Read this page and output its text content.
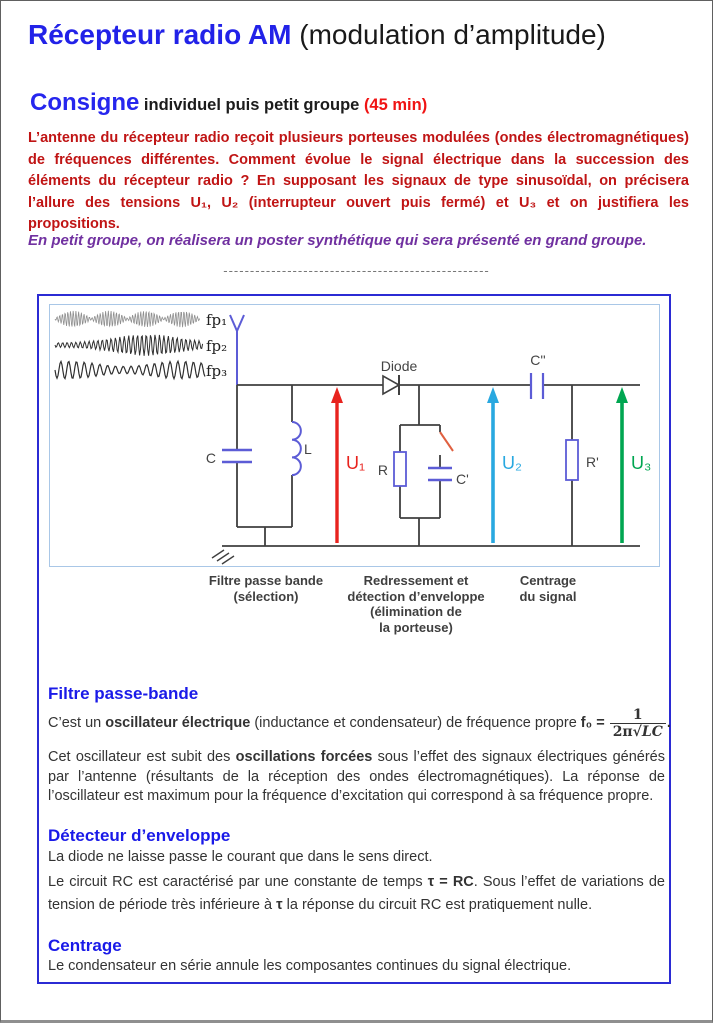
Récepteur radio AM (modulation d’amplitude)
Consigne individuel puis petit groupe (45 min)

L’antenne du récepteur radio reçoit plusieurs porteuses modulées (ondes électromagnétiques) de fréquences différentes. Comment évolue le signal électrique dans la succession des éléments du récepteur radio ? En supposant les signaux de type sinusoïdal, on précisera l’allure des tensions U₁, U₂ (interrupteur ouvert puis fermé) et U₃ et on justifiera les propositions.

En petit groupe, on réalisera un poster synthétique qui sera présenté en grand groupe.

--------------------------------------------------
fp₁
fp₂
fp₃
C
L
U₁
Diode
R
C'
U₂
C''
R' U₃
Filtre passe bande
(sélection)
Redressement et
détection d’enveloppe
(élimination de
la porteuse)
Centrage
du signal
Filtre passe-bande

C’est un oscillateur électrique (inductance et condensateur) de fréquence propre $f_0 = \frac{1}{2\pi√LC}$ .

Cet oscillateur est subit des oscillations forcées sous l’effet des signaux électriques générés par l’antenne (résultants de la réception des ondes électromagnétiques). La réponse de l’oscillateur est maximum pour la fréquence d’excitation qui correspond à sa fréquence propre.

Détecteur d’enveloppe

La diode ne laisse passe le courant que dans le sens direct.

Le circuit RC est caractérisé par une constante de temps τ = RC. Sous l’effet de variations de tension de période très inférieure à τ la réponse du circuit RC est pratiquement nulle.

Centrage

Le condensateur en série annule les composantes continues du signal électrique.
